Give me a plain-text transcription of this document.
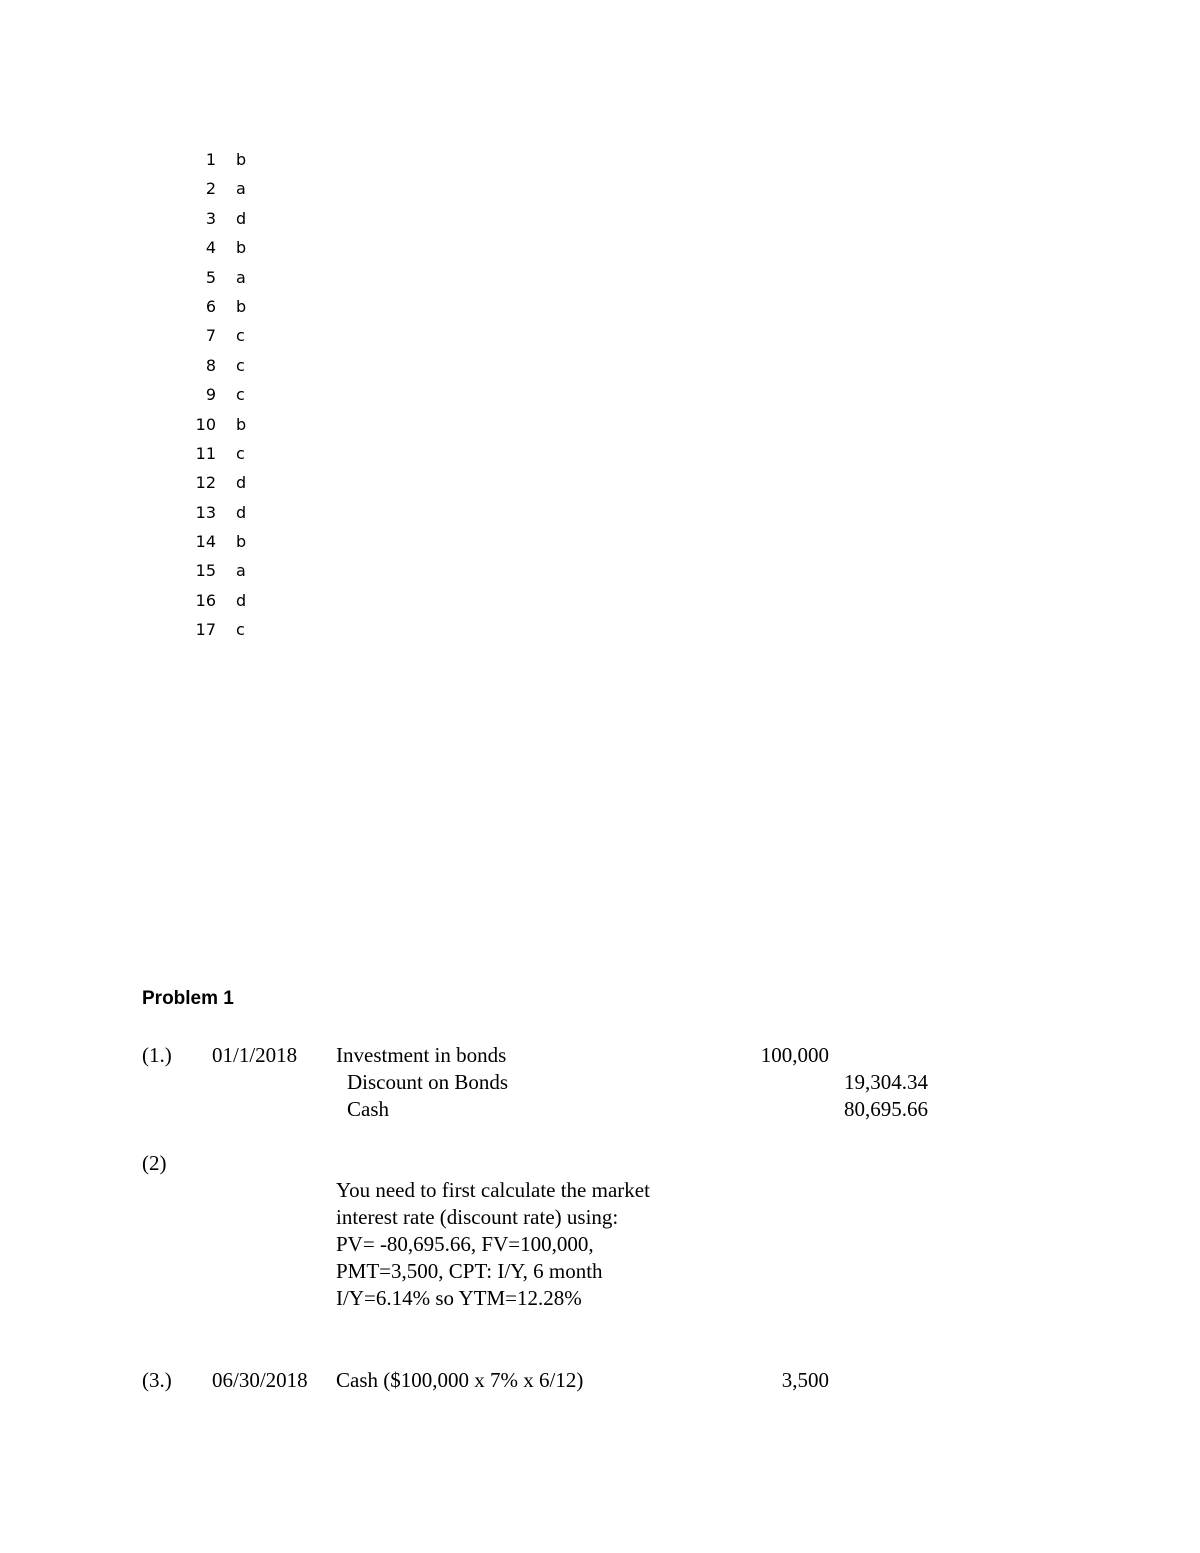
1 b
2 a
3 d
4 b
5 a
6 b
7 c
8 c
9 c
10 b
11 c
12 d
13 d
14 b
15 a
16 d
17 c
Problem 1
(1.) 01/1/2018 Investment in bonds	100,000
Discount on Bonds	19,304.34
Cash	80,695.66
(2)
You need to first calculate the market
interest rate (discount rate) using:
PV= -80,695.66, FV=100,000,
PMT=3,500, CPT: I/Y, 6 month
I/Y=6.14% so YTM=12.28%
(3.) 06/30/2018 Cash ($100,000 x 7% x 6/12)	3,500
